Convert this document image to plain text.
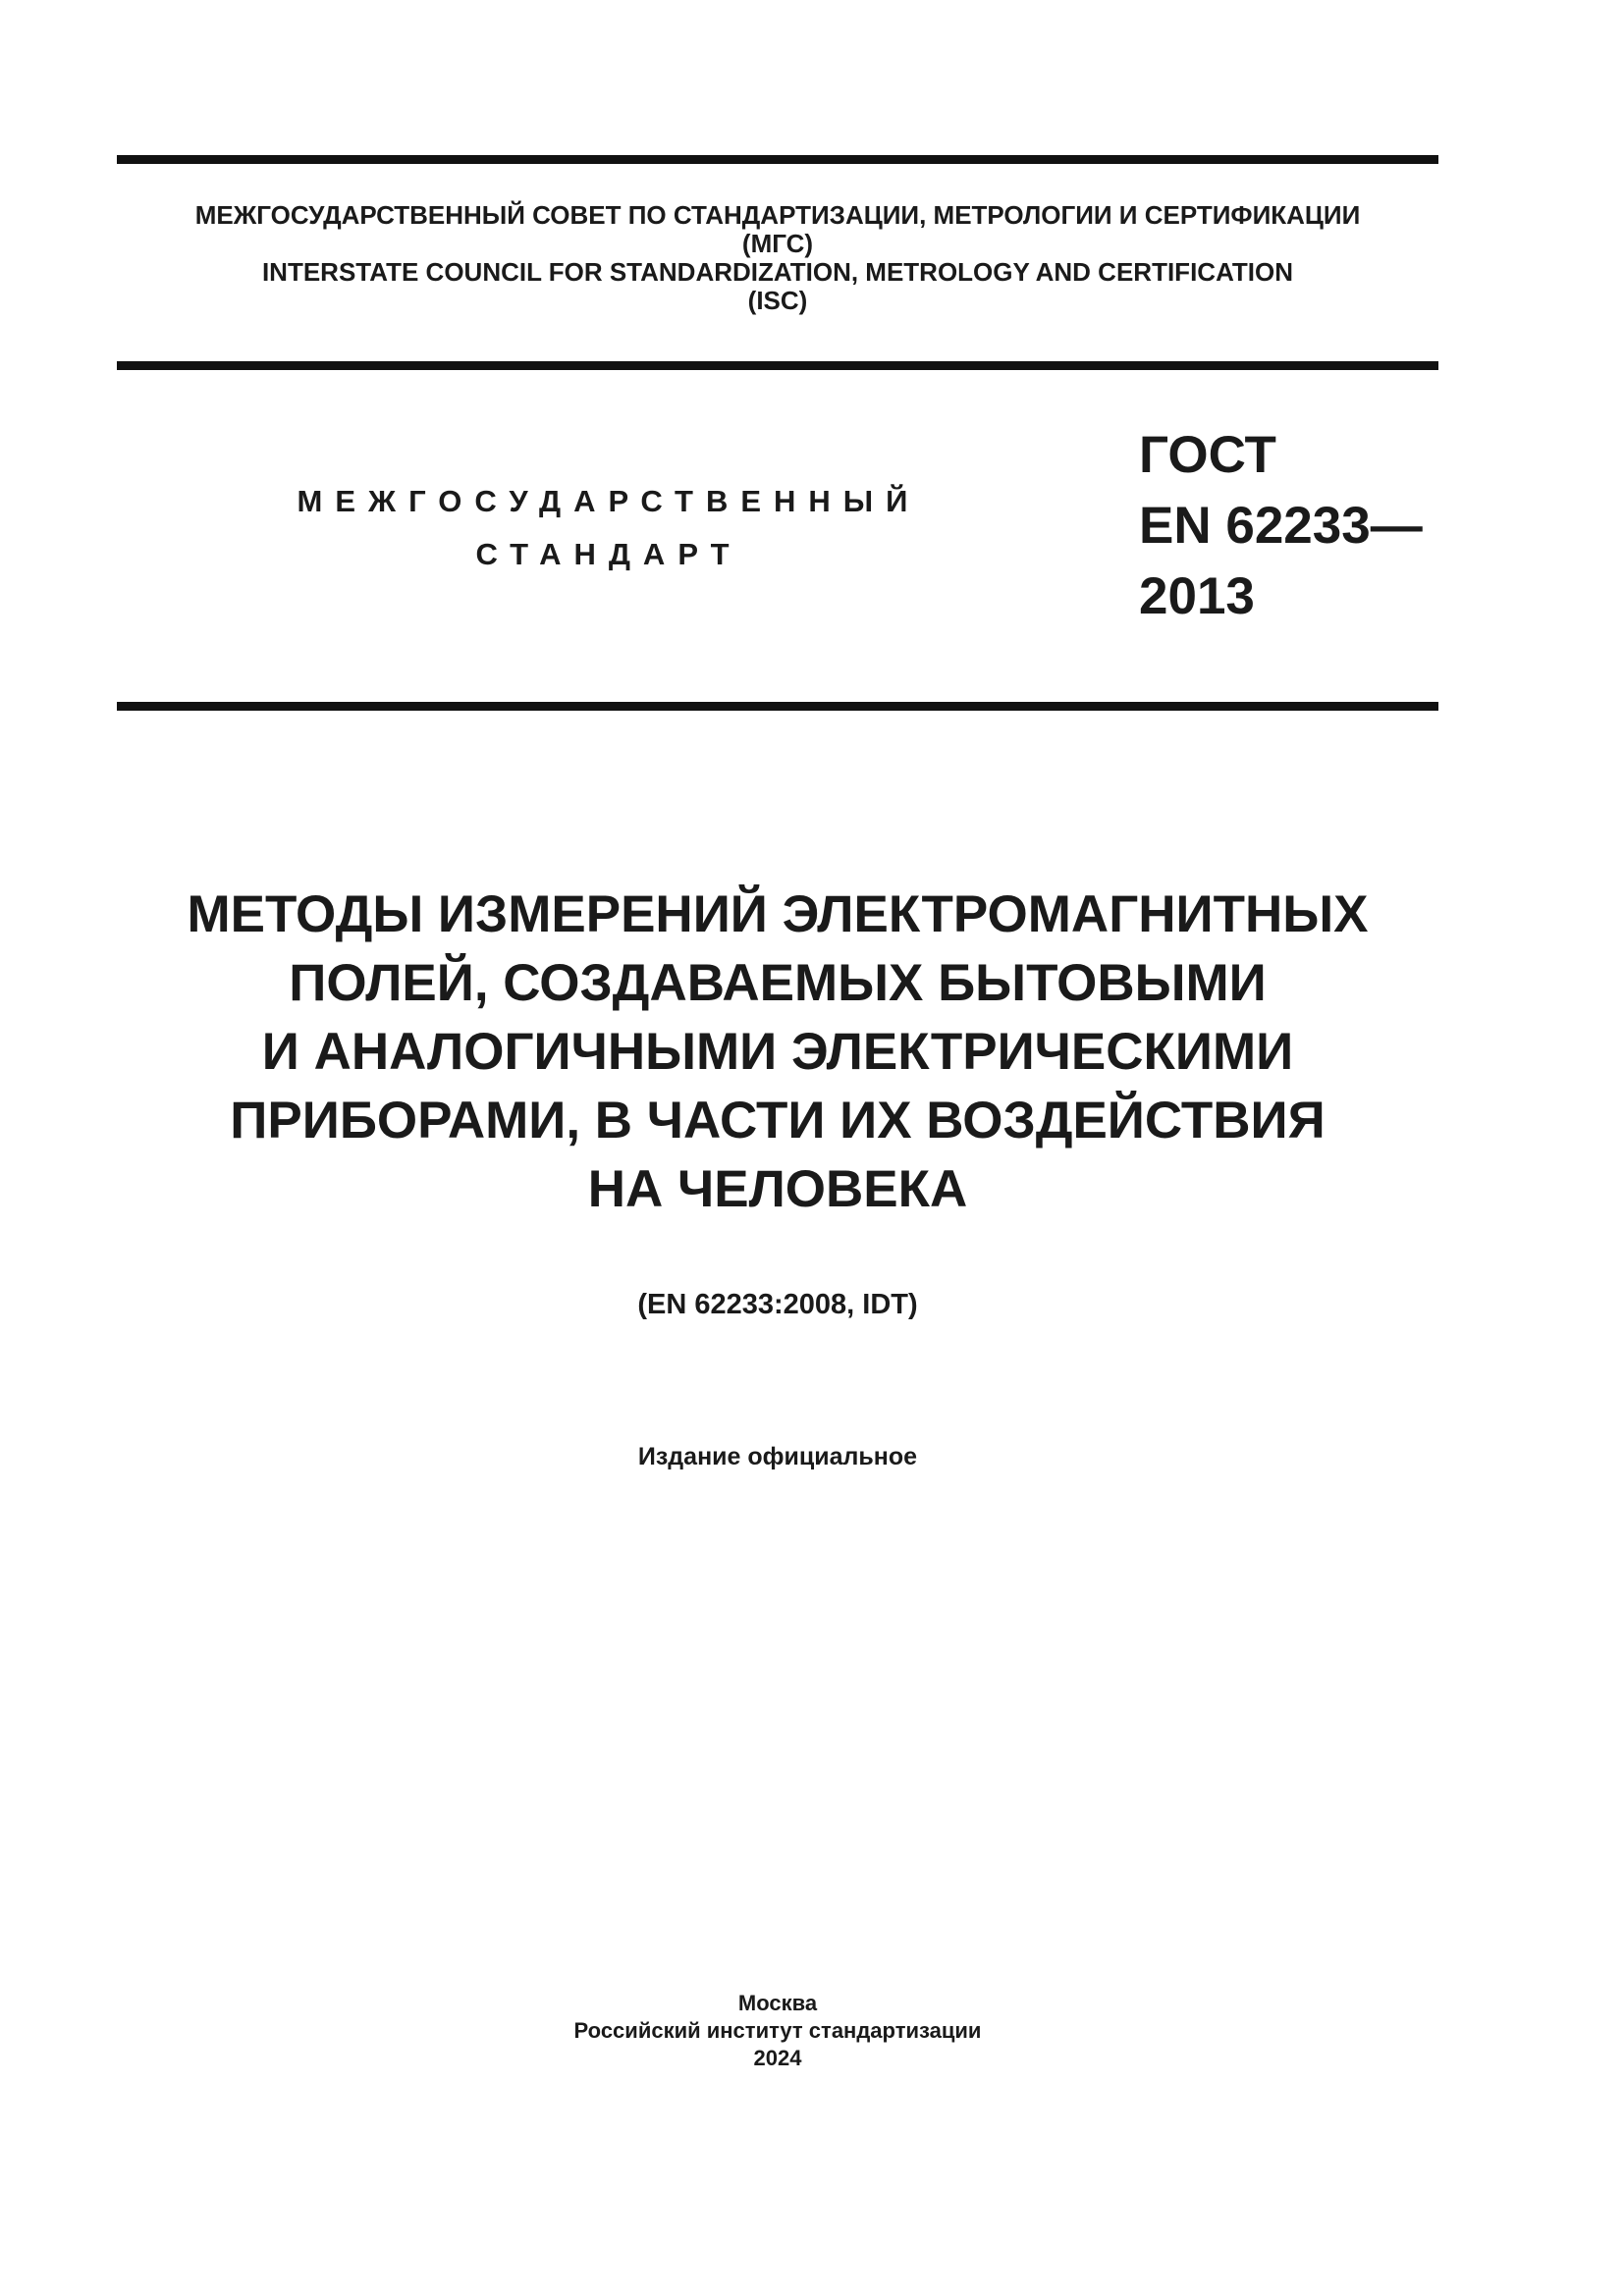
МЕЖГОСУДАРСТВЕННЫЙ СОВЕТ ПО СТАНДАРТИЗАЦИИ, МЕТРОЛОГИИ И СЕРТИФИКАЦИИ
(МГС)
INTERSTATE COUNCIL FOR STANDARDIZATION, METROLOGY AND CERTIFICATION
(ISC)
МЕЖГОСУДАРСТВЕННЫЙ
СТАНДАРТ
ГОСТ
EN 62233—
2013
МЕТОДЫ ИЗМЕРЕНИЙ ЭЛЕКТРОМАГНИТНЫХ
ПОЛЕЙ, СОЗДАВАЕМЫХ БЫТОВЫМИ
И АНАЛОГИЧНЫМИ ЭЛЕКТРИЧЕСКИМИ
ПРИБОРАМИ, В ЧАСТИ ИХ ВОЗДЕЙСТВИЯ
НА ЧЕЛОВЕКА
(EN 62233:2008, IDT)
Издание официальное
Москва
Российский институт стандартизации
2024
